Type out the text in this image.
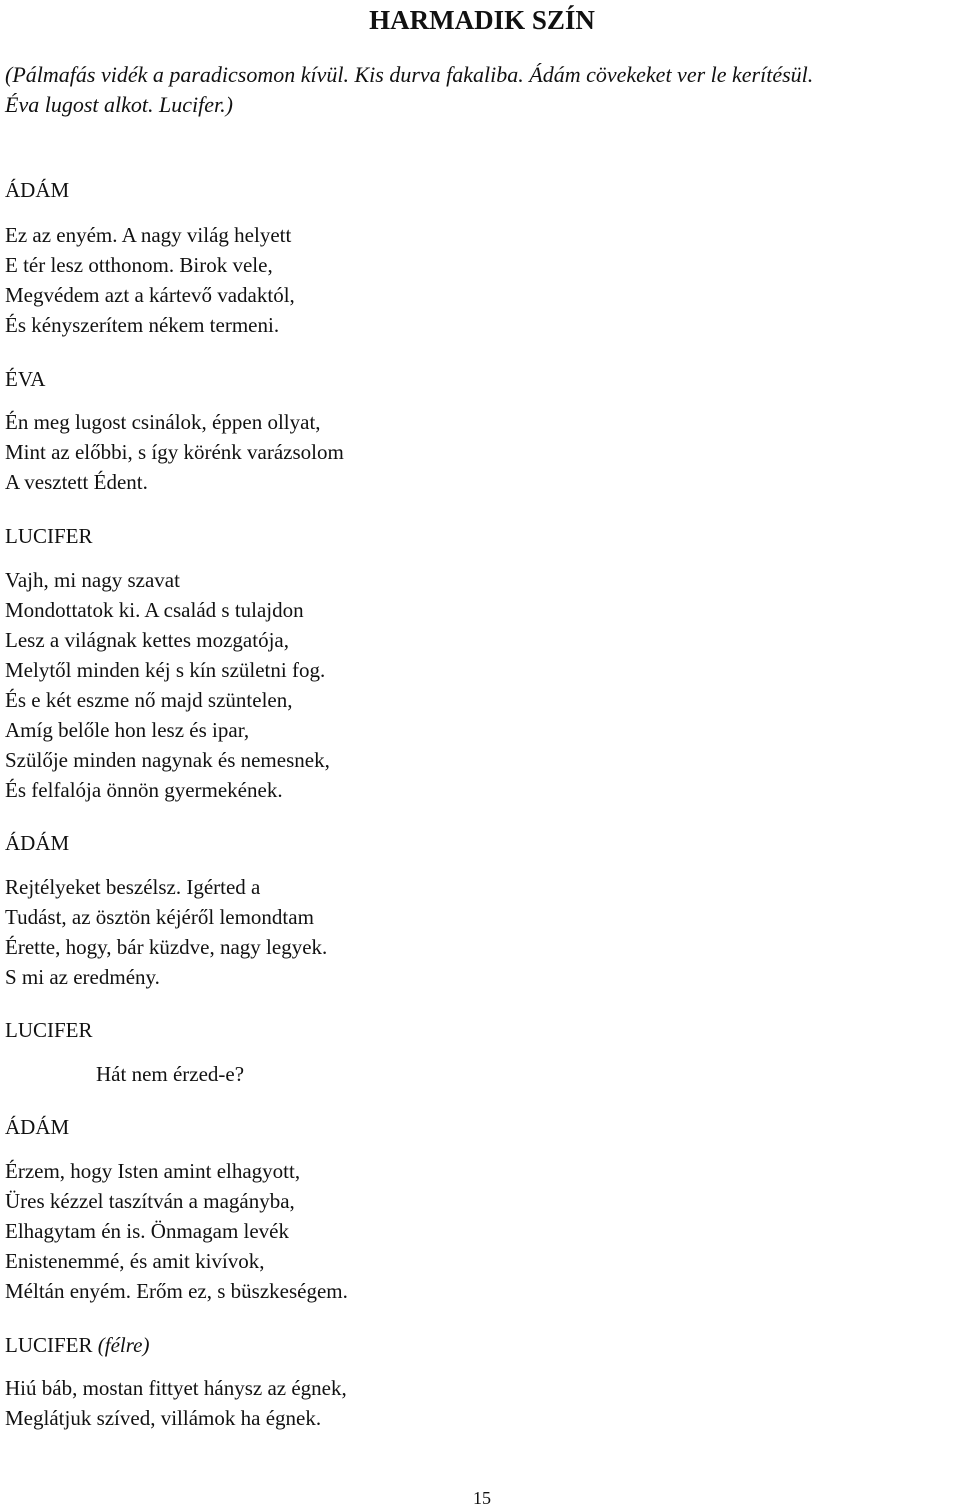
HARMADIK SZÍN

(Pálmafás vidék a paradicsomon kívül. Kis durva fakaliba. Ádám cövekeket ver le kerítésül.
Éva lugost alkot. Lucifer.)

ÁDÁM
Ez az enyém. A nagy világ helyett
E tér lesz otthonom. Birok vele,
Megvédem azt a kártevő vadaktól,
És kényszerítem nékem termeni.
ÉVA
Én meg lugost csinálok, éppen ollyat,
Mint az előbbi, s így körénk varázsolom
A vesztett Édent.
LUCIFER
Vajh, mi nagy szavat
Mondottatok ki. A család s tulajdon
Lesz a világnak kettes mozgatója,
Melytől minden kéj s kín születni fog.
És e két eszme nő majd szüntelen,
Amíg belőle hon lesz és ipar,
Szülője minden nagynak és nemesnek,
És felfalója önnön gyermekének.
ÁDÁM
Rejtélyeket beszélsz. Igérted a
Tudást, az ösztön kéjéről lemondtam
Érette, hogy, bár küzdve, nagy legyek.
S mi az eredmény.
LUCIFER
Hát nem érzed-e?
ÁDÁM
Érzem, hogy Isten amint elhagyott,
Üres kézzel taszítván a magányba,
Elhagytam én is. Önmagam levék
Enistenemmé, és amit kivívok,
Méltán enyém. Erőm ez, s büszkeségem.
LUCIFER (félre)
Hiú báb, mostan fittyet hánysz az égnek,
Meglátjuk szíved, villámok ha égnek.
15
